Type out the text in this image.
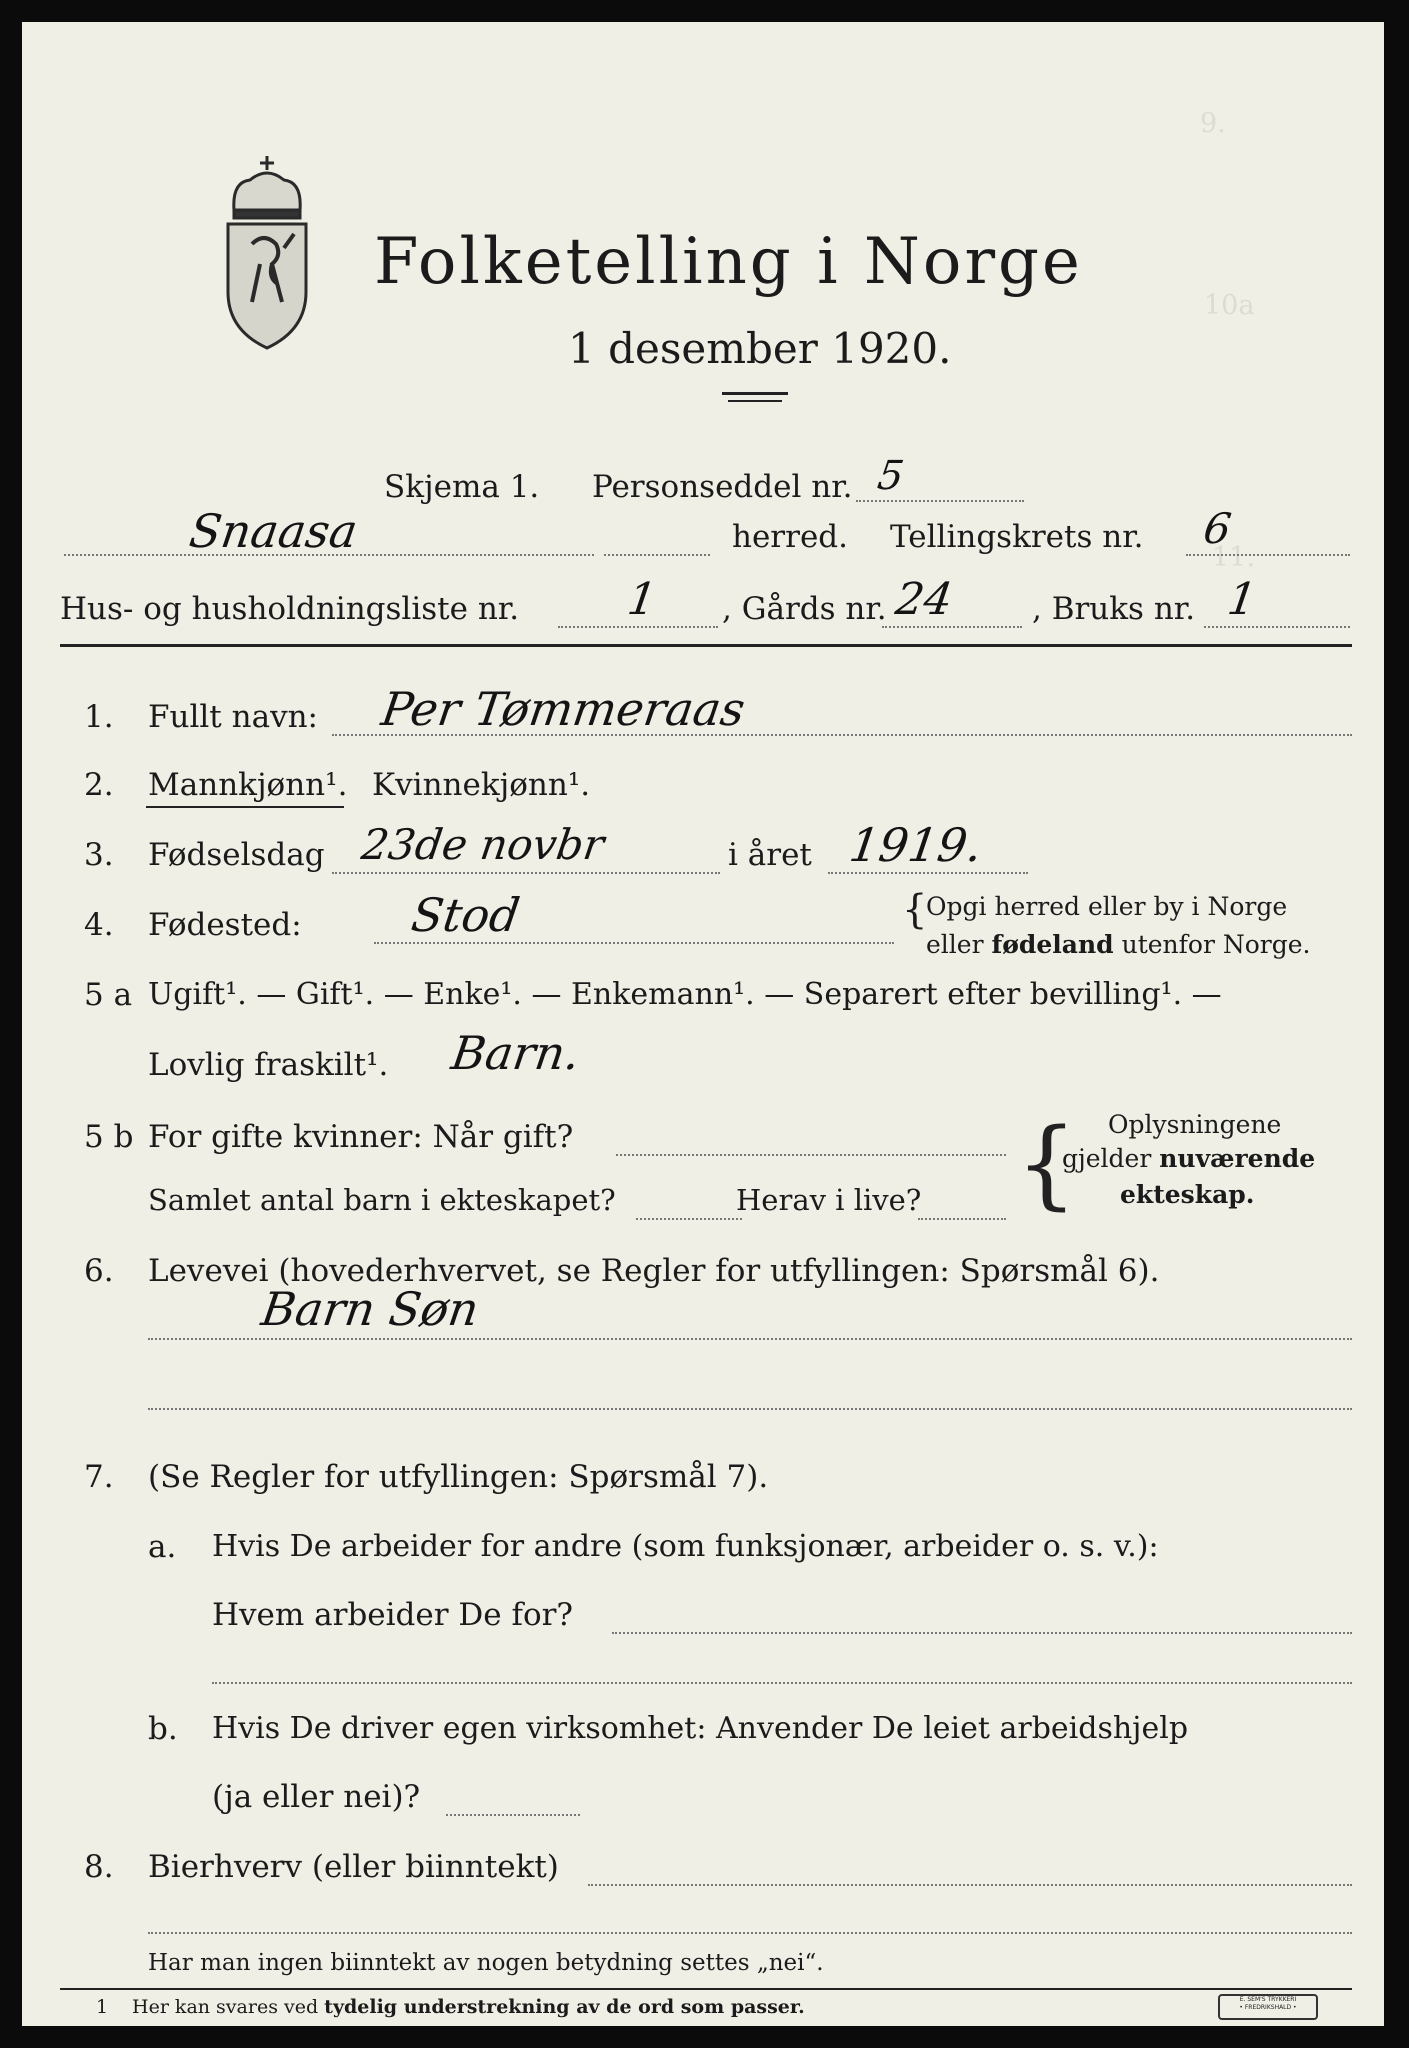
9.
10a
11.
Folketelling i Norge
1 desember 1920.
Skjema 1. Personseddel nr. 5
Snaasa	herred. Tellingskrets nr. 6
Hus- og husholdningsliste nr. 1 , Gårds nr. 24 , Bruks nr. 1
1. Fullt navn: Per Tømmeraas
2. Mannkjønn¹. Kvinnekjønn¹.
3. Fødselsdag 23de novbr	i året 1919.
4. Fødested: Stod	{
Opgi herred eller by i Norge
eller fødeland utenfor Norge.
5 a Ugift¹. — Gift¹. — Enke¹. — Enkemann¹. — Separert efter bevilling¹. —
Lovlig fraskilt¹. Barn.
5 b For gifte kvinner: Når gift?
Samlet antal barn i ekteskapet?	Herav i live? { Oplysningene
gjelder nuværende
ekteskap.
6. Levevei (hovederhvervet, se Regler for utfyllingen: Spørsmål 6).
Barn Søn
7. (Se Regler for utfyllingen: Spørsmål 7).
a. Hvis De arbeider for andre (som funksjonær, arbeider o. s. v.):
Hvem arbeider De for?
b. Hvis De driver egen virksomhet: Anvender De leiet arbeidshjelp
(ja eller nei)?
8. Bierhverv (eller biinntekt)
Har man ingen biinntekt av nogen betydning settes „nei“.
1 Her kan svares ved tydelig understrekning av de ord som passer.	E. SEM'S TRYKKERI
• FREDRIKSHALD •
